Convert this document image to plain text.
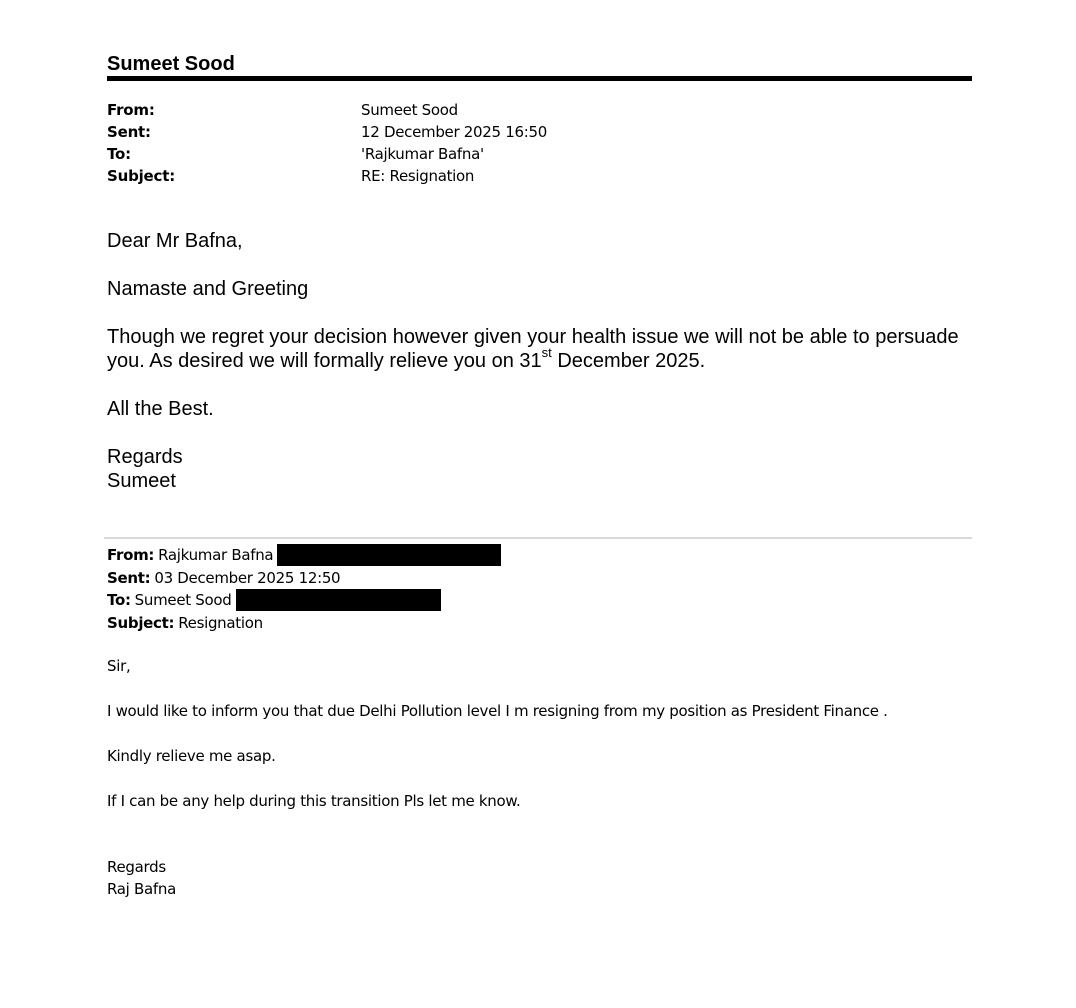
Sumeet Sood
From:	Sumeet Sood
Sent:	12 December 2025 16:50
To:	'Rajkumar Bafna'
Subject:	RE: Resignation

Dear Mr Bafna,

Namaste and Greeting

Though we regret your decision however given your health issue we will not be able to persuade you. As desired we will formally relieve you on 31st December 2025.

All the Best.

Regards

Sumeet

From: Rajkumar Bafna
Sent: 03 December 2025 12:50
To: Sumeet Sood
Subject: Resignation

Sir,

I would like to inform you that due Delhi Pollution level I m resigning from my position as President Finance .

Kindly relieve me asap.

If I can be any help during this transition Pls let me know.

Regards

Raj Bafna
